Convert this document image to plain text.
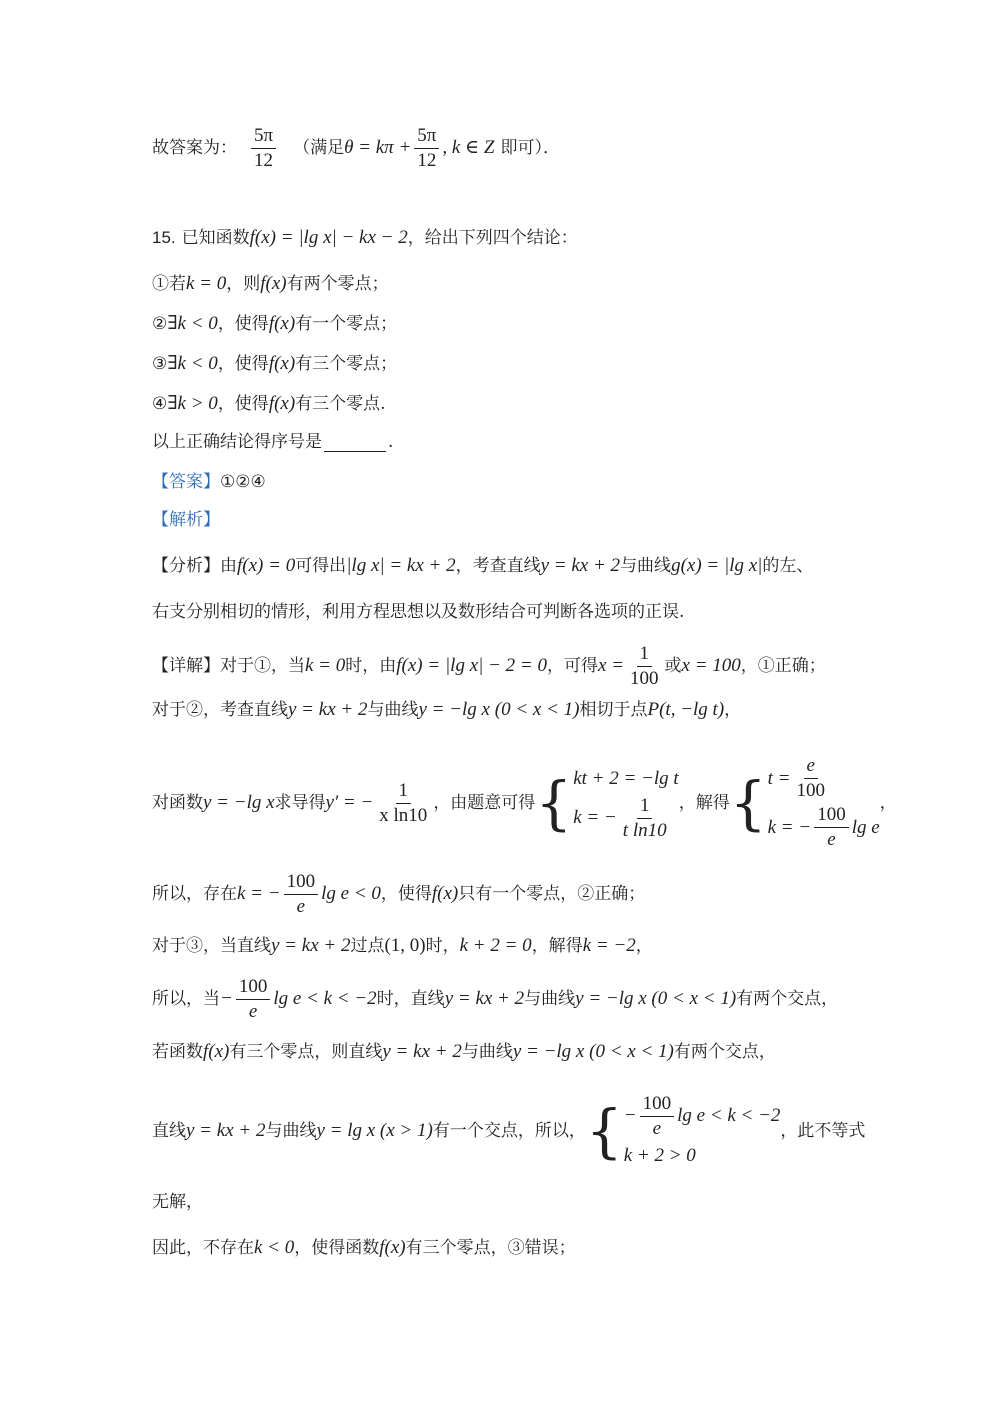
故答案为： $\frac{5\pi}{12}$ （满足 $\theta = k\pi + \frac{5\pi}{12}$ , k ∈ Z 即可）．
15. 已知函数 f(x) = |lg x| − kx − 2 ，给出下列四个结论：
①若 k = 0 ，则 f(x) 有两个零点；
② ∃k < 0 ，使得 f(x) 有一个零点；
③ ∃k < 0 ，使得 f(x) 有三个零点；
④ ∃k > 0 ，使得 f(x) 有三个零点.
以上正确结论得序号是	.
【答案】 ①②④
【解析】
【分析】 由 f(x) = 0 可得出 |lg x| = kx + 2 ，考查直线 y = kx + 2 与曲线 g(x) = |lg x| 的左、
右支分别相切的情形，利用方程思想以及数形结合可判断各选项的正误.
【详解】 对于①，当 k = 0 时，由 f(x) = |lg x| − 2 = 0 ，可得 $x = \frac{1}{100}$ 或 x = 100 ，①正确；
对于②，考查直线 y = kx + 2 与曲线 y = −lg x (0 < x < 1) 相切于点 P(t, −lg t) ，
对函数 y = −lg x 求导得 y′ = − $\frac{1}{\text{x ln10}}$ ，由题意可得 { kt + 2 = −lg t
k = − $\frac{1}{\text{t ln10}}$ ，解得 { $t = \frac{e}{100}$
k = − $\frac{100}{e}$ lg e
，
所以，存在 k = − $\frac{100}{e}$ lg e < 0 ，使得 f(x) 只有一个零点，②正确；
对于③，当直线 y = kx + 2 过点 (1, 0) 时， k + 2 = 0 ，解得 k = −2 ，
所以，当 − $\frac{100}{e}$ lg e < k < −2 时，直线 y = kx + 2 与曲线 y = −lg x (0 < x < 1) 有两个交点，
若函数 f(x) 有三个零点，则直线 y = kx + 2 与曲线 y = −lg x (0 < x < 1) 有两个交点，
直线 y = kx + 2 与曲线 y = lg x (x > 1) 有一个交点，所以， { − $\frac{100}{e}$ lg e < k < −2
k + 2 > 0
，此不等式
无解，
因此，不存在 k < 0 ，使得函数 f(x) 有三个零点，③错误；
